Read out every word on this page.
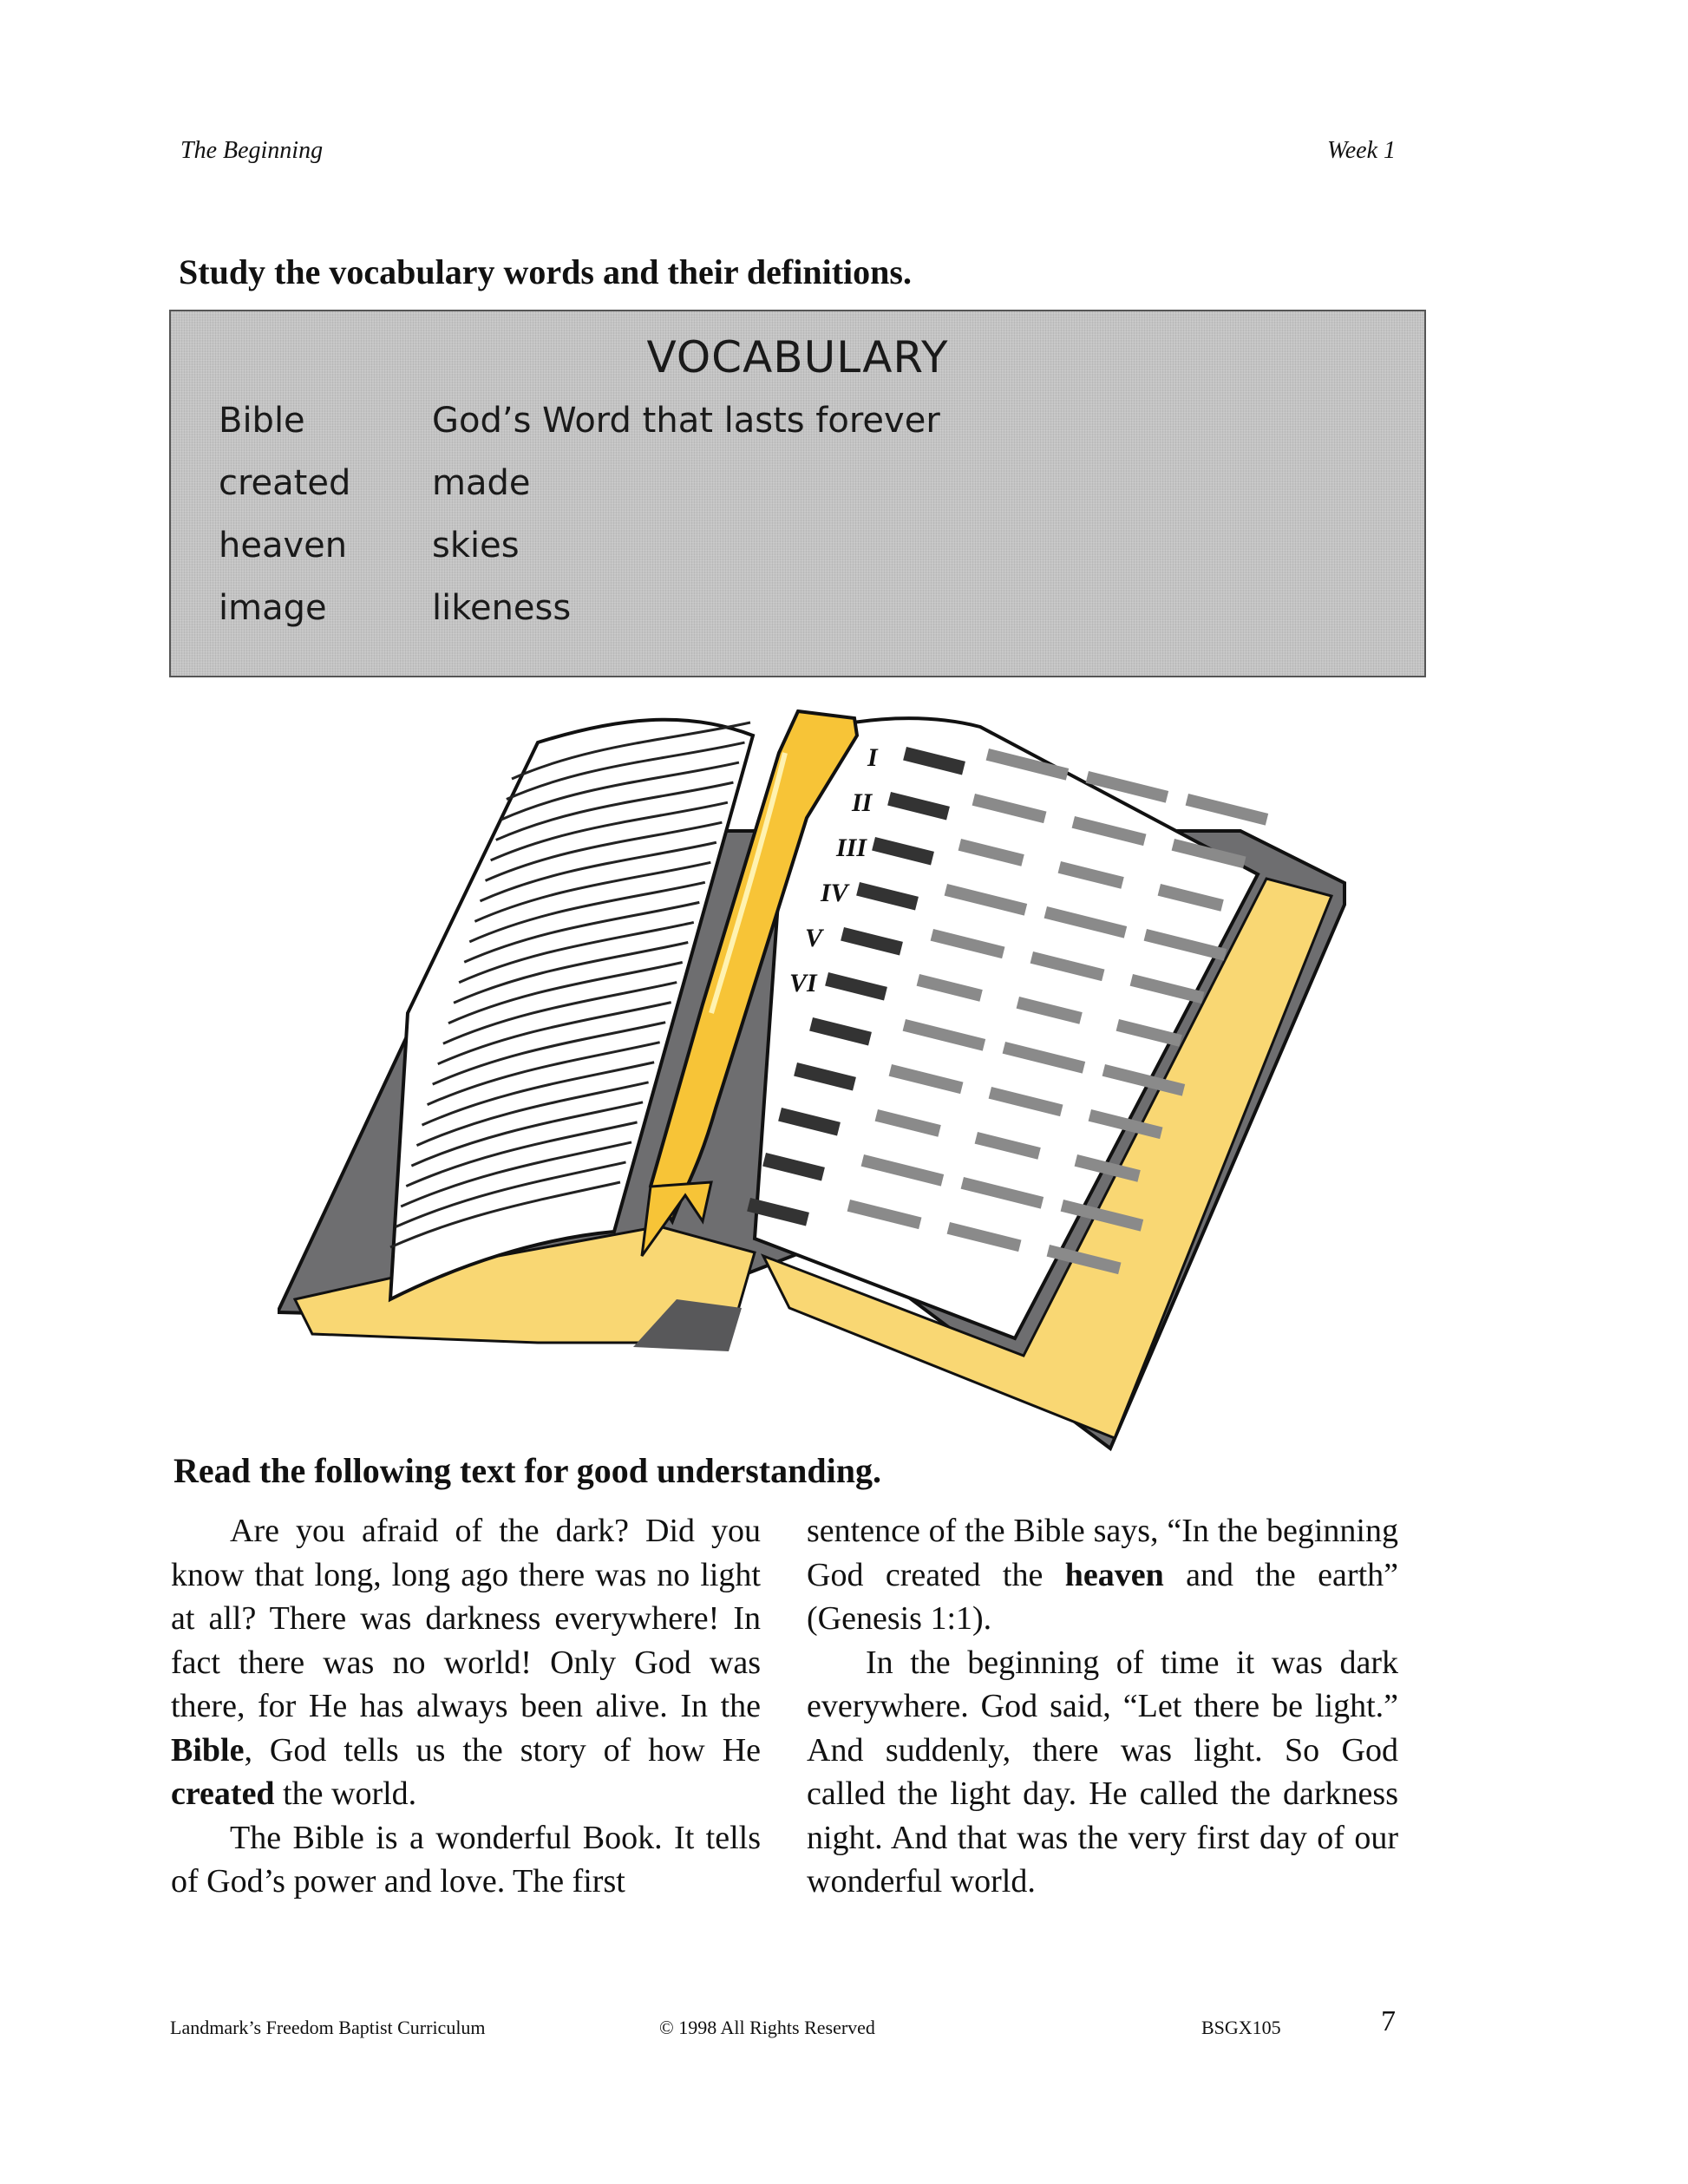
The Beginning	Week 1
Study the vocabulary words and their definitions.
VOCABULARY
Bible	God’s Word that lasts forever
created made
heaven skies
image	likeness
I
II
III
IV
V
VI
Read the following text for good understanding.

Are you afraid of the dark? Did you know that long, long ago there was no light at all? There was darkness everywhere! In fact there was no world! Only God was there, for He has always been alive. In the Bible, God tells us the story of how He created the world.

The Bible is a wonderful Book. It tells of God’s power and love. The first

sentence of the Bible says, “In the beginning God created the heaven and the earth” (Genesis 1:1).

In the beginning of time it was dark everywhere. God said, “Let there be light.” And suddenly, there was light. So God called the light day. He called the darkness night. And that was the very first day of our wonderful world.

Landmark’s Freedom Baptist Curriculum	© 1998 All Rights Reserved	BSGX105	7
